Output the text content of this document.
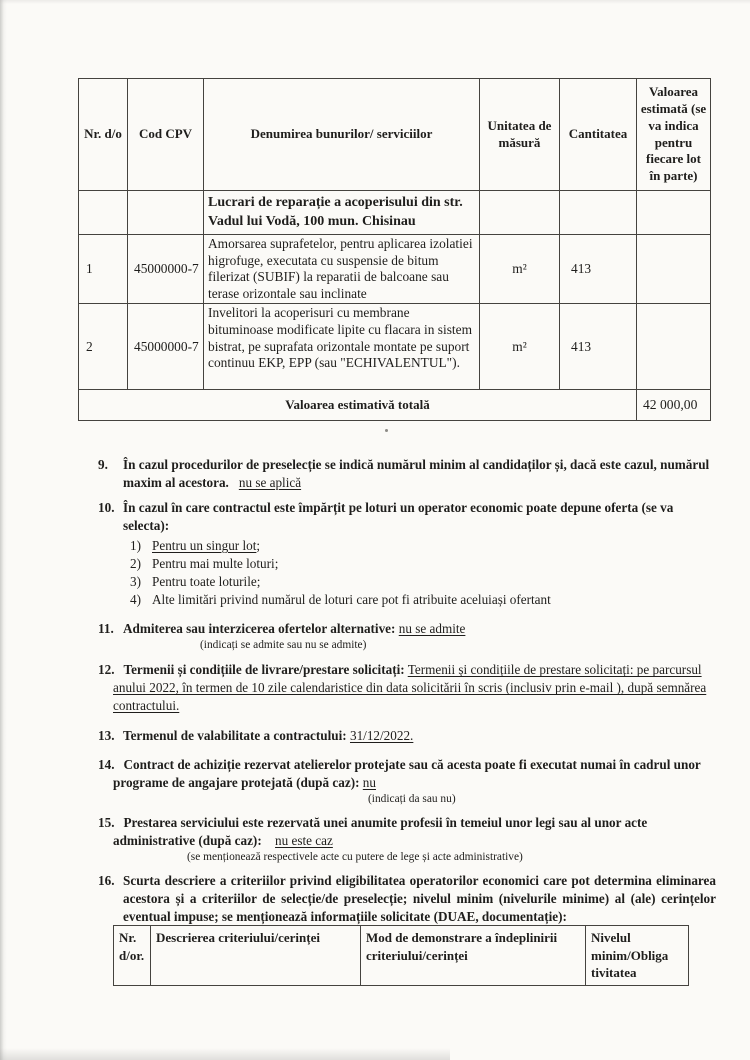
Nr. d/o	Cod CPV	Denumirea bunurilor/ serviciilor	Unitatea de măsură	Cantitatea	Valoarea estimată (se va indica pentru fiecare lot în parte)
		Lucrari de reparație a acoperisului din str. Vadul lui Vodă, 100 mun. Chisinau			
1	45000000-7	Amorsarea suprafetelor, pentru aplicarea izolatiei higrofuge, executata cu suspensie de bitum filerizat (SUBIF) la reparatii de balcoane sau terase orizontale sau inclinate	m²	413	
2	45000000-7	Invelitori la acoperisuri cu membrane bituminoase modificate lipite cu flacara in sistem bistrat, pe suprafata orizontale montate pe suport continuu EKP, EPP (sau "ECHIVALENTUL").	m²	413	
Valoarea estimativă totală					42 000,00
9.	În cazul procedurilor de preselecție se indică numărul minim al candidaților și, dacă este cazul, numărul maxim al acestora. nu se aplică
10. În cazul în care contractul este împărțit pe loturi un operator economic poate depune oferta (se va selecta):
1) Pentru un singur lot;
2) Pentru mai multe loturi;
3) Pentru toate loturile;
4) Alte limitări privind numărul de loturi care pot fi atribuite aceluiași ofertant
11. Admiterea sau interzicerea ofertelor alternative: nu se admite
(indicați se admite sau nu se admite)
12. Termenii și condițiile de livrare/prestare solicitați: Termenii și condițiile de prestare solicitați: pe parcursul anului 2022, în termen de 10 zile calendaristice din data solicitării în scris (inclusiv prin e-mail ), după semnărea contractului.
13. Termenul de valabilitate a contractului: 31/12/2022.
14. Contract de achiziție rezervat atelierelor protejate sau că acesta poate fi executat numai în cadrul unor programe de angajare protejată (după caz): nu
(indicați da sau nu)
15. Prestarea serviciului este rezervată unei anumite profesii în temeiul unor legi sau al unor acte administrative (după caz): nu este caz
(se menționează respectivele acte cu putere de lege și acte administrative)
16. Scurta descriere a criteriilor privind eligibilitatea operatorilor economici care pot determina eliminarea acestora și a criteriilor de selecție/de preselecție; nivelul minim (nivelurile minime) al (ale) cerințelor eventual impuse; se menționează informațiile solicitate (DUAE, documentație):
Nr. d/or.	Descrierea criteriului/cerinței	Mod de demonstrare a îndeplinirii criteriului/cerinței	Nivelul minim/Obliga tivitatea
